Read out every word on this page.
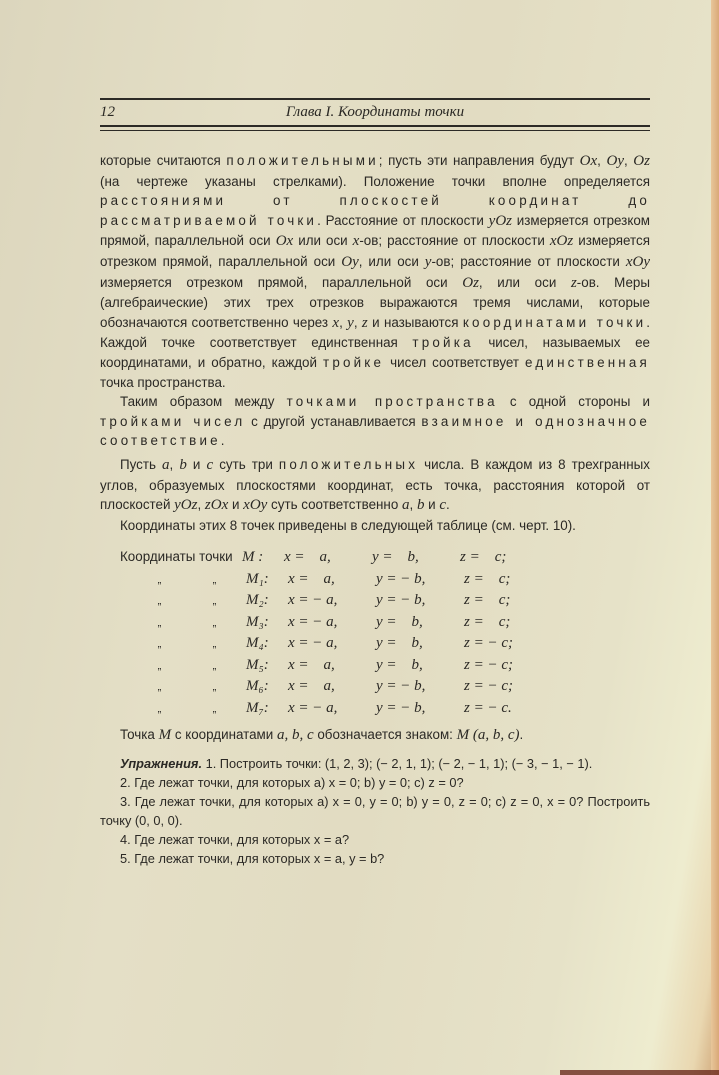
12	Глава I. Координаты точки

которые считаются положительными; пусть эти направления будут Ox, Oy, Oz (на чертеже указаны стрелками). Положение точки вполне определяется расстояниями от плоскостей координат до рассматриваемой точки. Расстояние от плоскости yOz измеряется отрезком прямой, параллельной оси Ox или оси x-ов; расстояние от плоскости xOz измеряется отрезком прямой, параллельной оси Oy, или оси y-ов; расстояние от плоскости xOy измеряется отрезком прямой, параллельной оси Oz, или оси z-ов. Меры (алгебраические) этих трех отрезков выражаются тремя числами, которые обозначаются соответственно через x, y, z и называются координатами точки. Каждой точке соответствует единственная тройка чисел, называемых ее координатами, и обратно, каждой тройке чисел соответствует единственная точка пространства.

Таким образом между точками пространства с одной стороны и тройками чисел с другой устанавливается взаимное и однозначное соответствие.

Пусть a, b и c суть три положительных числа. В каждом из 8 трехгранных углов, образуемых плоскостями координат, есть точка, расстояния которой от плоскостей yOz, zOx и xOy суть соответственно a, b и c.

Координаты этих 8 точек приведены в следующей таблице (см. черт. 10).

Координаты точки M :	x =    a,	y =    b,	z =    c;
„	„	M₁:	x =    a,	y = − b,	z =    c;
„	„	M₂:	x = − a,	y = − b,	z =    c;
„	„	M₃:	x = − a,	y =    b,	z =    c;
„	„	M₄:	x = − a,	y =    b,	z = − c;
„	„	M₅:	x =    a,	y =    b,	z = − c;
„	„	M₆:	x =    a,	y = − b,	z = − c;
„	„	M₇:	x = − a,	y = − b,	z = − c.

Точка M с координатами a, b, c обозначается знаком: M (a, b, c).

Упражнения. 1. Построить точки: (1, 2, 3); (− 2, 1, 1); (− 2, − 1, 1); (− 3, − 1, − 1).

2. Где лежат точки, для которых a) x = 0; b) y = 0; c) z = 0?

3. Где лежат точки, для которых a) x = 0, y = 0; b) y = 0, z = 0; c) z = 0, x = 0? Построить точку (0, 0, 0).

4. Где лежат точки, для которых x = a?

5. Где лежат точки, для которых x = a, y = b?
